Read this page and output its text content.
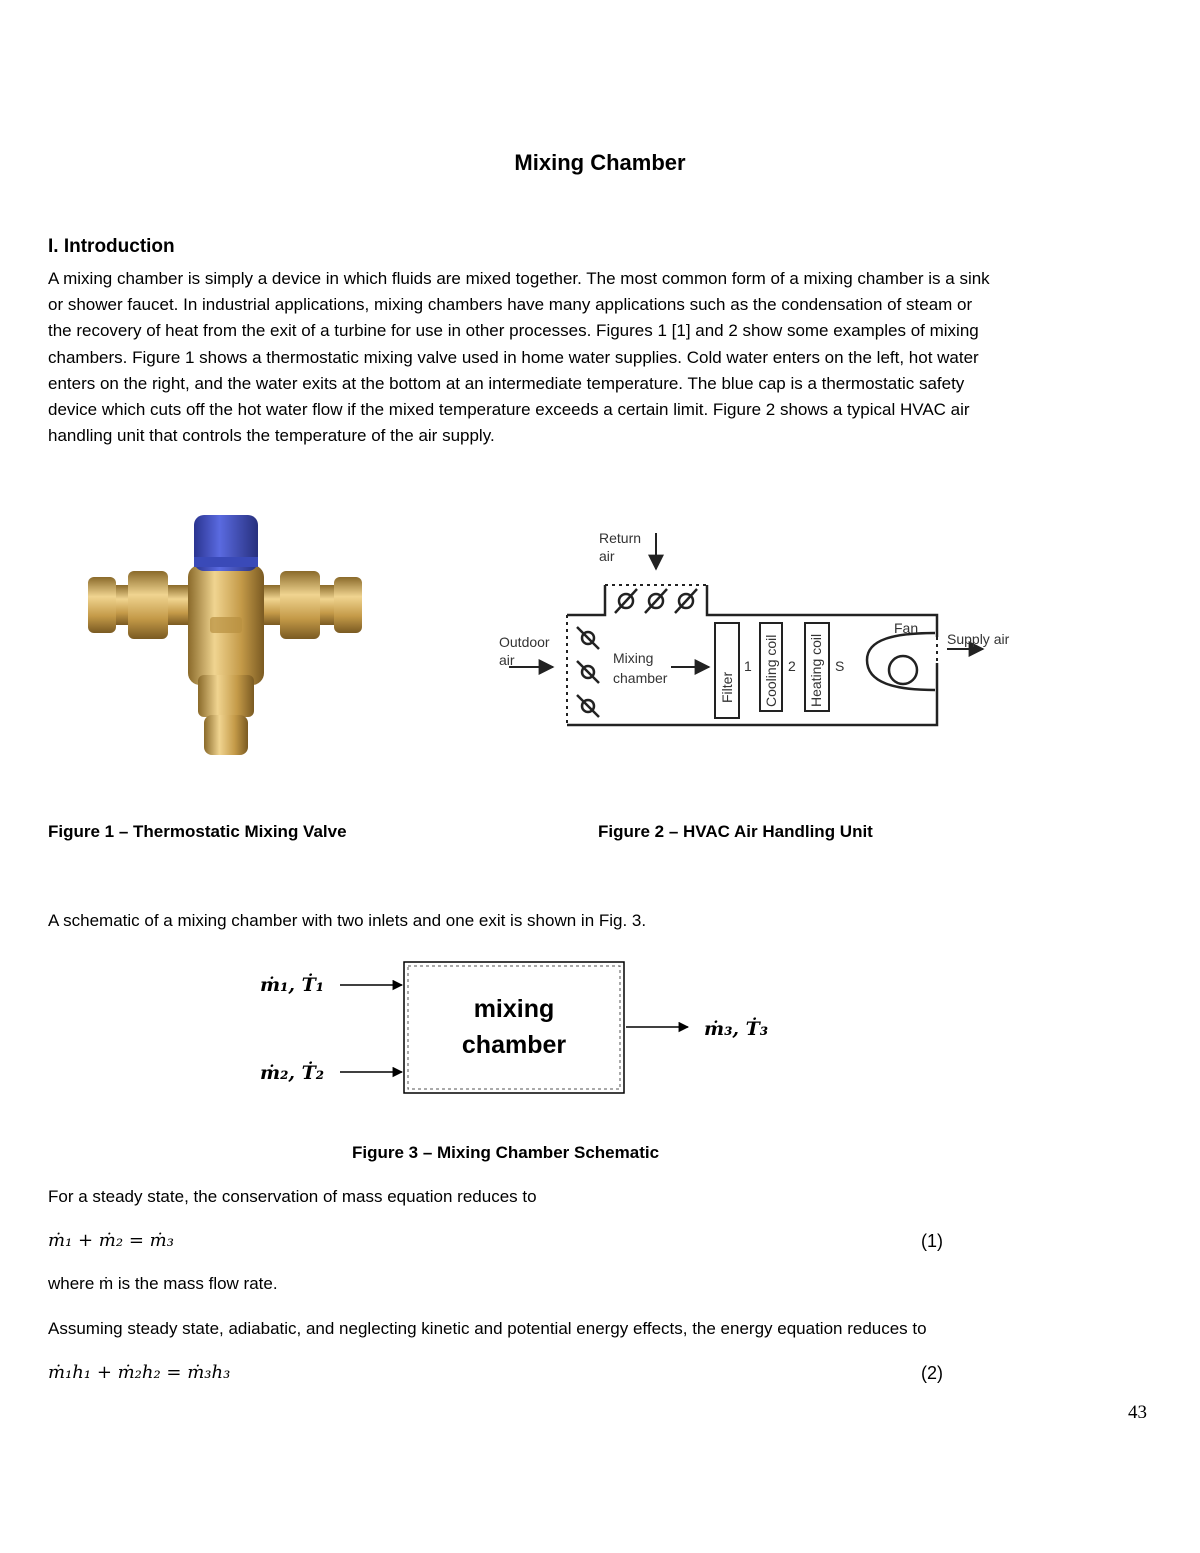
Mixing Chamber
I. Introduction
A mixing chamber is simply a device in which fluids are mixed together. The most common form of a mixing chamber is a sink
or shower faucet. In industrial applications, mixing chambers have many applications such as the condensation of steam or
the recovery of heat from the exit of a turbine for use in other processes. Figures 1 [1] and 2 show some examples of mixing
chambers. Figure 1 shows a thermostatic mixing valve used in home water supplies. Cold water enters on the left, hot water
enters on the right, and the water exits at the bottom at an intermediate temperature. The blue cap is a thermostatic safety
device which cuts off the hot water flow if the mixed temperature exceeds a certain limit. Figure 2 shows a typical HVAC air
handling unit that controls the temperature of the air supply.
Return
air
Outdoor
air	Mixing
chamber	Filter
1 Cooling coil 2 Heating coil S
Fan
Supply air
Figure 1 – Thermostatic Mixing Valve	Figure 2 – HVAC Air Handling Unit
A schematic of a mixing chamber with two inlets and one exit is shown in Fig. 3.
mixing
chamber
ṁ₁, Ṫ₁
ṁ₂, Ṫ₂
ṁ₃, Ṫ₃
Figure 3 – Mixing Chamber Schematic
For a steady state, the conservation of mass equation reduces to
ṁ₁ + ṁ₂ = ṁ₃	(1)
where ṁ is the mass flow rate.
Assuming steady state, adiabatic, and neglecting kinetic and potential energy effects, the energy equation reduces to
ṁ₁h₁ + ṁ₂h₂ = ṁ₃h₃	(2)
43
